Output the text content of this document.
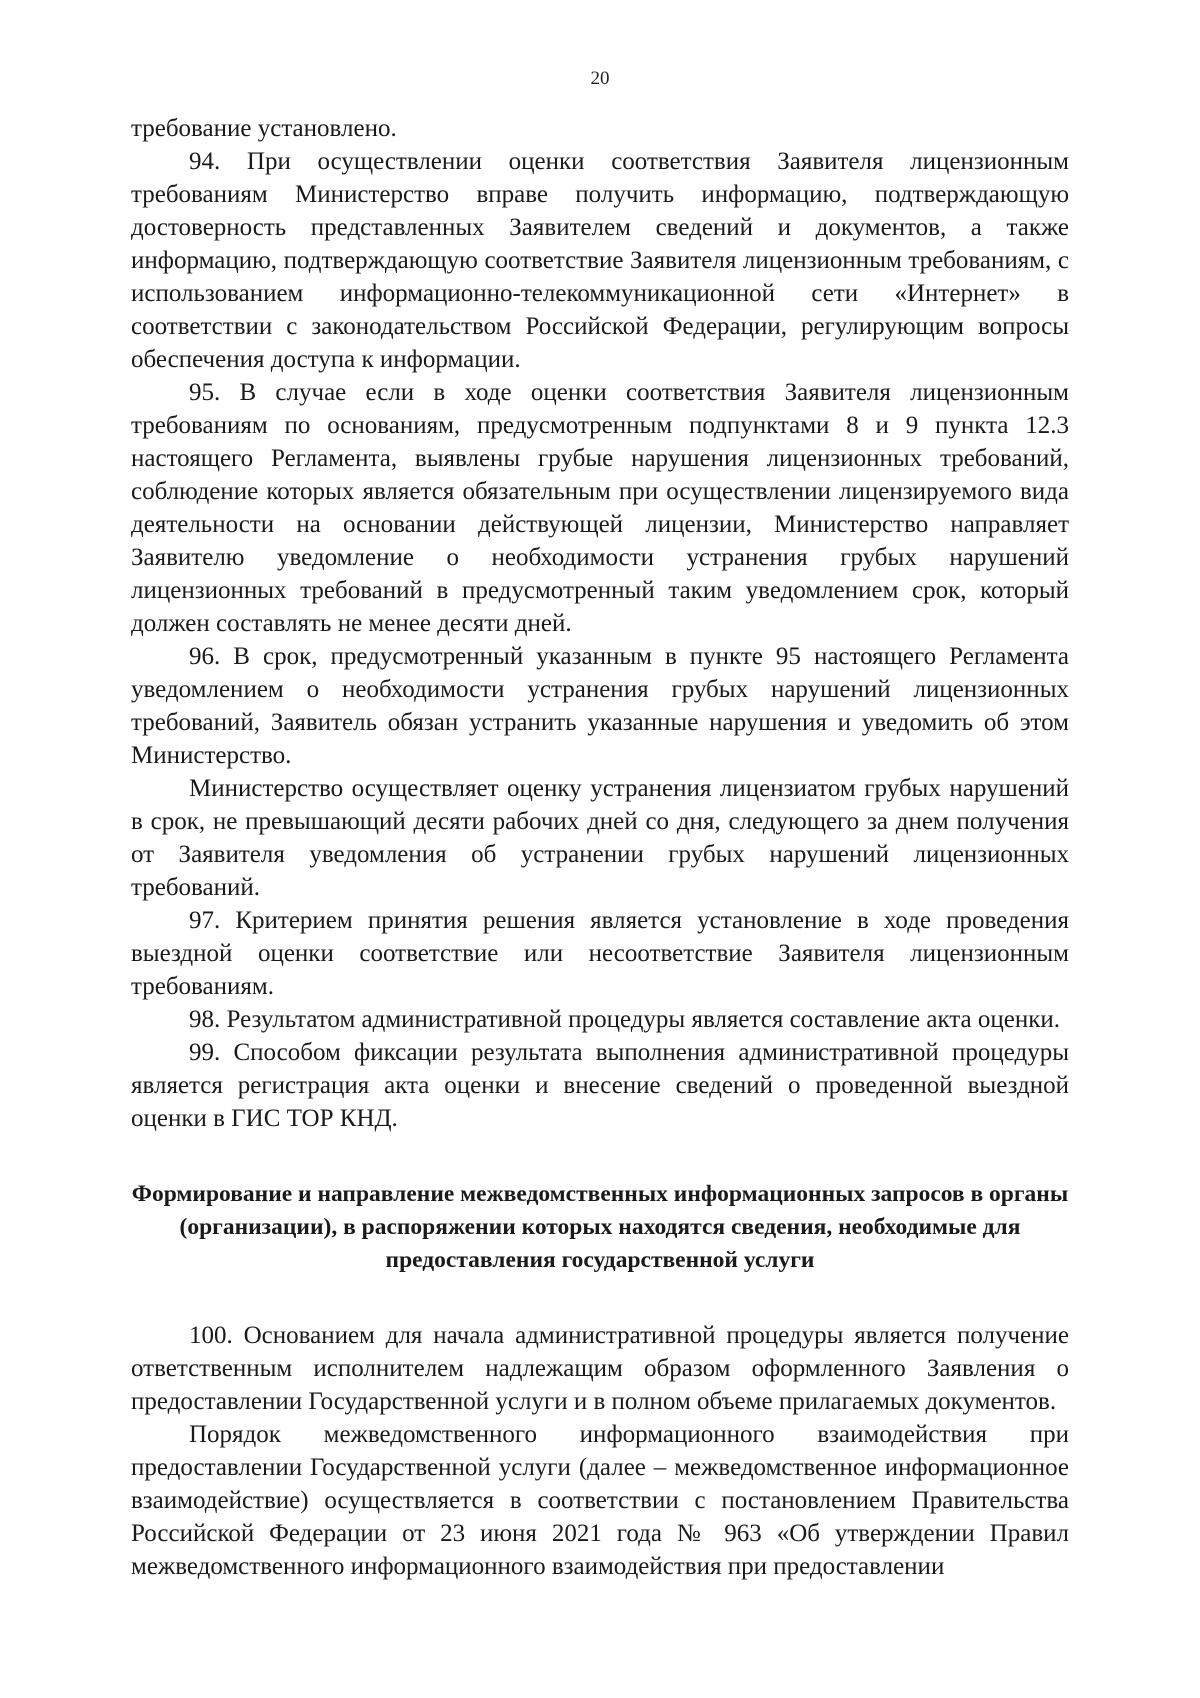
20

требование установлено.

94. При осуществлении оценки соответствия Заявителя лицензионным требованиям Министерство вправе получить информацию, подтверждающую достоверность представленных Заявителем сведений и документов, а также информацию, подтверждающую соответствие Заявителя лицензионным требованиям, с использованием информационно-телекоммуникационной сети «Интернет» в соответствии с законодательством Российской Федерации, регулирующим вопросы обеспечения доступа к информации.

95. В случае если в ходе оценки соответствия Заявителя лицензионным требованиям по основаниям, предусмотренным подпунктами 8 и 9 пункта 12.3 настоящего Регламента, выявлены грубые нарушения лицензионных требований, соблюдение которых является обязательным при осуществлении лицензируемого вида деятельности на основании действующей лицензии, Министерство направляет Заявителю уведомление о необходимости устранения грубых нарушений лицензионных требований в предусмотренный таким уведомлением срок, который должен составлять не менее десяти дней.

96. В срок, предусмотренный указанным в пункте 95 настоящего Регламента уведомлением о необходимости устранения грубых нарушений лицензионных требований, Заявитель обязан устранить указанные нарушения и уведомить об этом Министерство.

Министерство осуществляет оценку устранения лицензиатом грубых нарушений в срок, не превышающий десяти рабочих дней со дня, следующего за днем получения от Заявителя уведомления об устранении грубых нарушений лицензионных требований.

97. Критерием принятия решения является установление в ходе проведения выездной оценки соответствие или несоответствие Заявителя лицензионным требованиям.

98. Результатом административной процедуры является составление акта оценки.

99. Способом фиксации результата выполнения административной процедуры является регистрация акта оценки и внесение сведений о проведенной выездной оценки в ГИС ТОР КНД.

Формирование и направление межведомственных информационных запросов в органы (организации), в распоряжении которых находятся сведения, необходимые для предоставления государственной услуги

100. Основанием для начала административной процедуры является получение ответственным исполнителем надлежащим образом оформленного Заявления о предоставлении Государственной услуги и в полном объеме прилагаемых документов.

Порядок межведомственного информационного взаимодействия при предоставлении Государственной услуги (далее – межведомственное информационное взаимодействие) осуществляется в соответствии с постановлением Правительства Российской Федерации от 23 июня 2021 года № 963 «Об утверждении Правил межведомственного информационного взаимодействия при предоставлении
